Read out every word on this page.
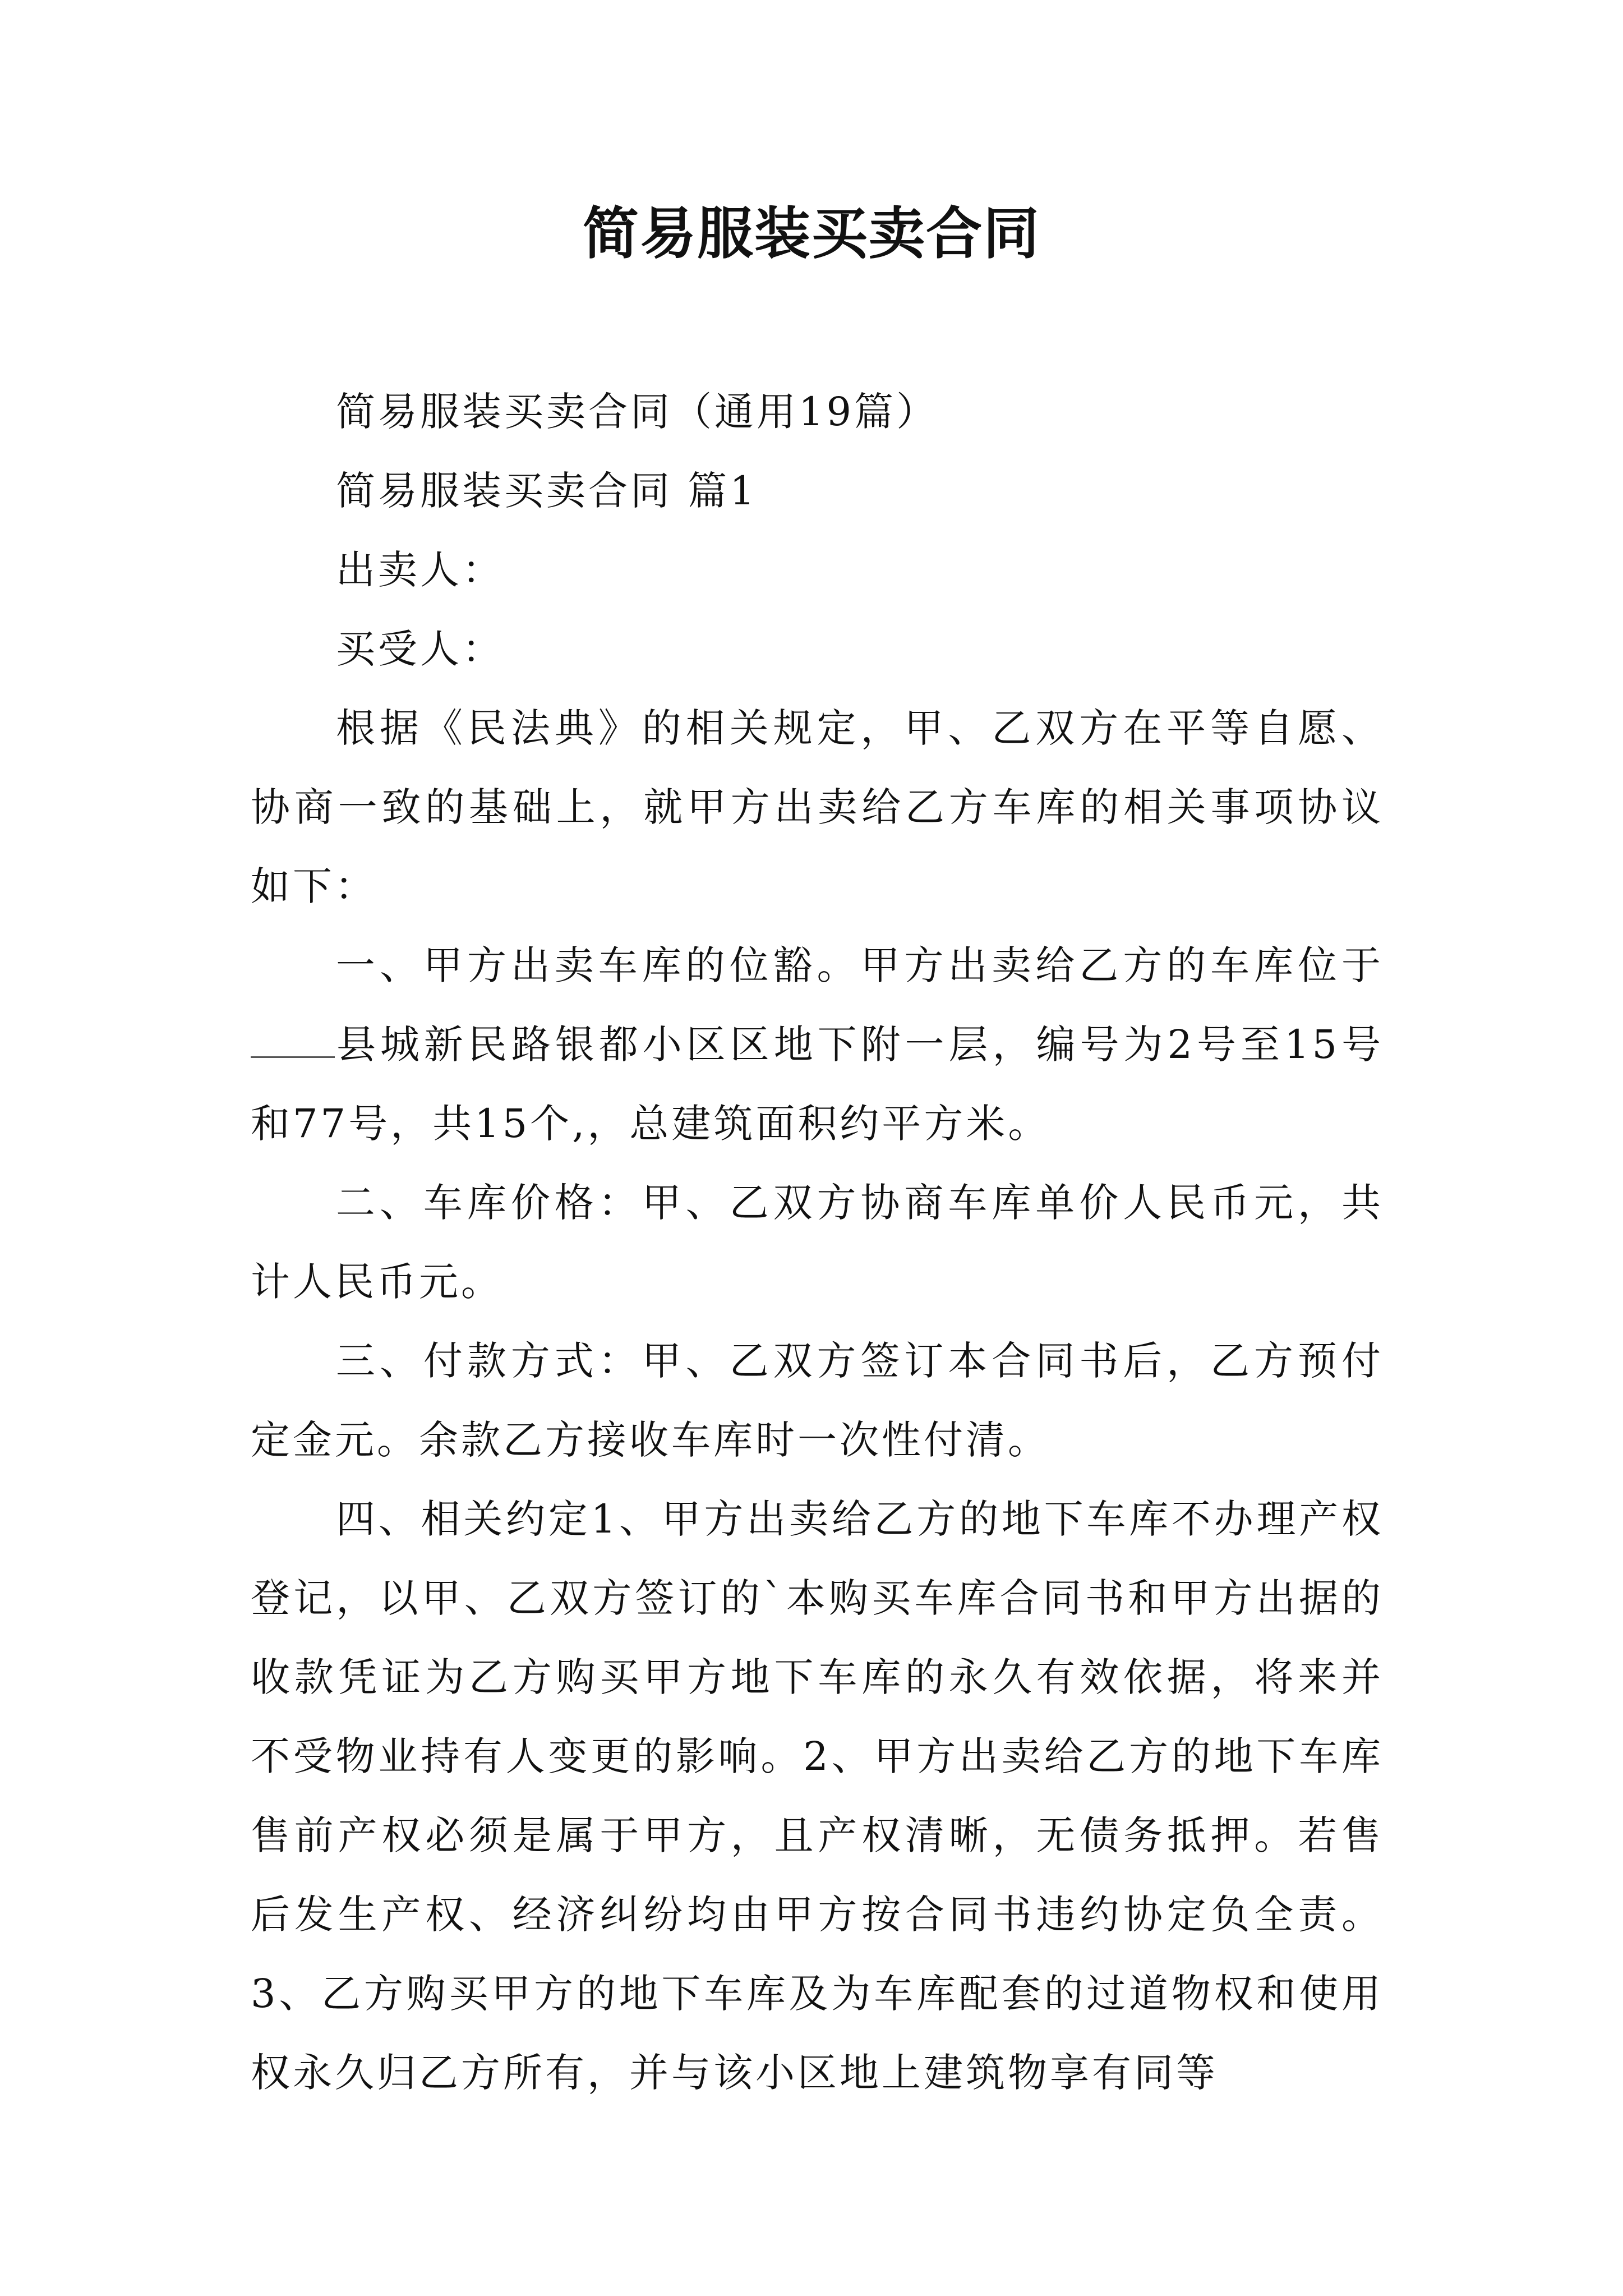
简易服装买卖合同

简易服装买卖合同（通用19篇）

简易服装买卖合同 篇1

出卖人：

买受人：

根据《民法典》的相关规定，甲、乙双方在平等自愿、协商一致的基础上，就甲方出卖给乙方车库的相关事项协议如下：

一、甲方出卖车库的位豁。甲方出卖给乙方的车库位于县城新民路银都小区区地下附一层，编号为2号至15号和77号，共15个,，总建筑面积约平方米。

二、车库价格：甲、乙双方协商车库单价人民币元，共计人民币元。

三、付款方式：甲、乙双方签订本合同书后，乙方预付定金元。余款乙方接收车库时一次性付清。

四、相关约定1、甲方出卖给乙方的地下车库不办理产权登记，以甲、乙双方签订的`本购买车库合同书和甲方出据的收款凭证为乙方购买甲方地下车库的永久有效依据，将来并不受物业持有人变更的影响。2、甲方出卖给乙方的地下车库售前产权必须是属于甲方，且产权清晰，无债务抵押。若售后发生产权、经济纠纷均由甲方按合同书违约协定负全责。3、乙方购买甲方的地下车库及为车库配套的过道物权和使用权永久归乙方所有，并与该小区地上建筑物享有同等
